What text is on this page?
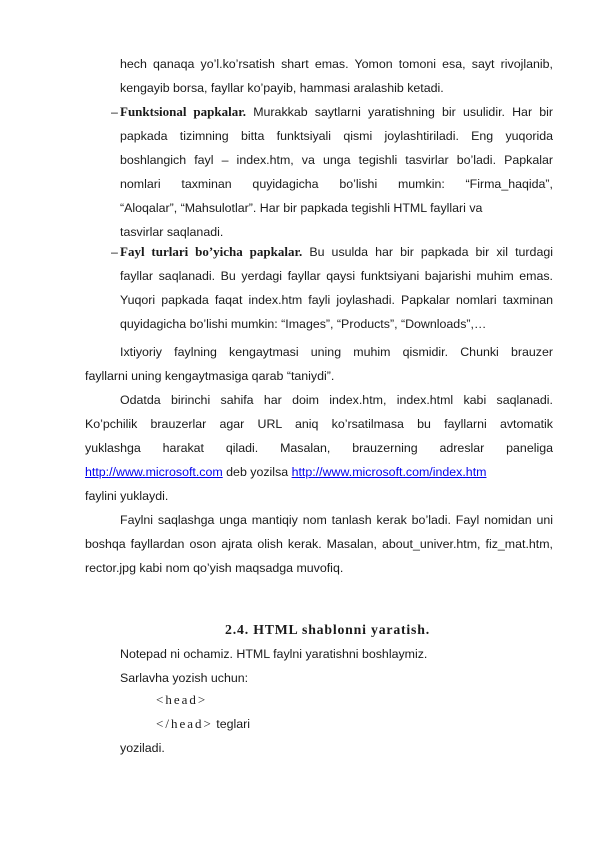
hech qanaqa yo’l.ko’rsatish shart emas. Yomon tomoni esa, sayt rivojlanib,
kengayib borsa, fayllar ko’payib, hammasi aralashib ketadi.
– Funktsional papkalar. Murakkab saytlarni yaratishning bir usulidir. Har bir
papkada tizimning bitta funktsiyali qismi joylashtiriladi. Eng yuqorida
boshlangich fayl – index.htm, va unga tegishli tasvirlar bo’ladi. Papkalar
nomlari taxminan quyidagicha bo’lishi mumkin: “Firma_haqida”,
“Aloqalar”, “Mahsulotlar”. Har bir papkada tegishli HTML fayllari va
tasvirlar saqlanadi.
– Fayl turlari bo’yicha papkalar. Bu usulda har bir papkada bir xil turdagi
fayllar saqlanadi. Bu yerdagi fayllar qaysi funktsiyani bajarishi muhim emas.
Yuqori papkada faqat index.htm fayli joylashadi. Papkalar nomlari taxminan
quyidagicha bo’lishi mumkin: “Images”, “Products”, “Downloads”,…
Ixtiyoriy faylning kengaytmasi uning muhim qismidir. Chunki brauzer
fayllarni uning kengaytmasiga qarab “taniydi”.
Odatda birinchi sahifa har doim index.htm, index.html kabi saqlanadi.
Ko’pchilik brauzerlar agar URL aniq ko’rsatilmasa bu fayllarni avtomatik
yuklashga harakat qiladi. Masalan, brauzerning adreslar paneliga
http://www.microsoft.com deb yozilsa http://www.microsoft.com/index.htm
faylini yuklaydi.
Faylni saqlashga unga mantiqiy nom tanlash kerak bo’ladi. Fayl nomidan uni
boshqa fayllardan oson ajrata olish kerak. Masalan, about_univer.htm, fiz_mat.htm,
rector.jpg kabi nom qo’yish maqsadga muvofiq.
2.4. HTML shablonni yaratish.
Notepad ni ochamiz. HTML faylni yaratishni boshlaymiz.
Sarlavha yozish uchun:
<head>
</head> teglari
yoziladi.
